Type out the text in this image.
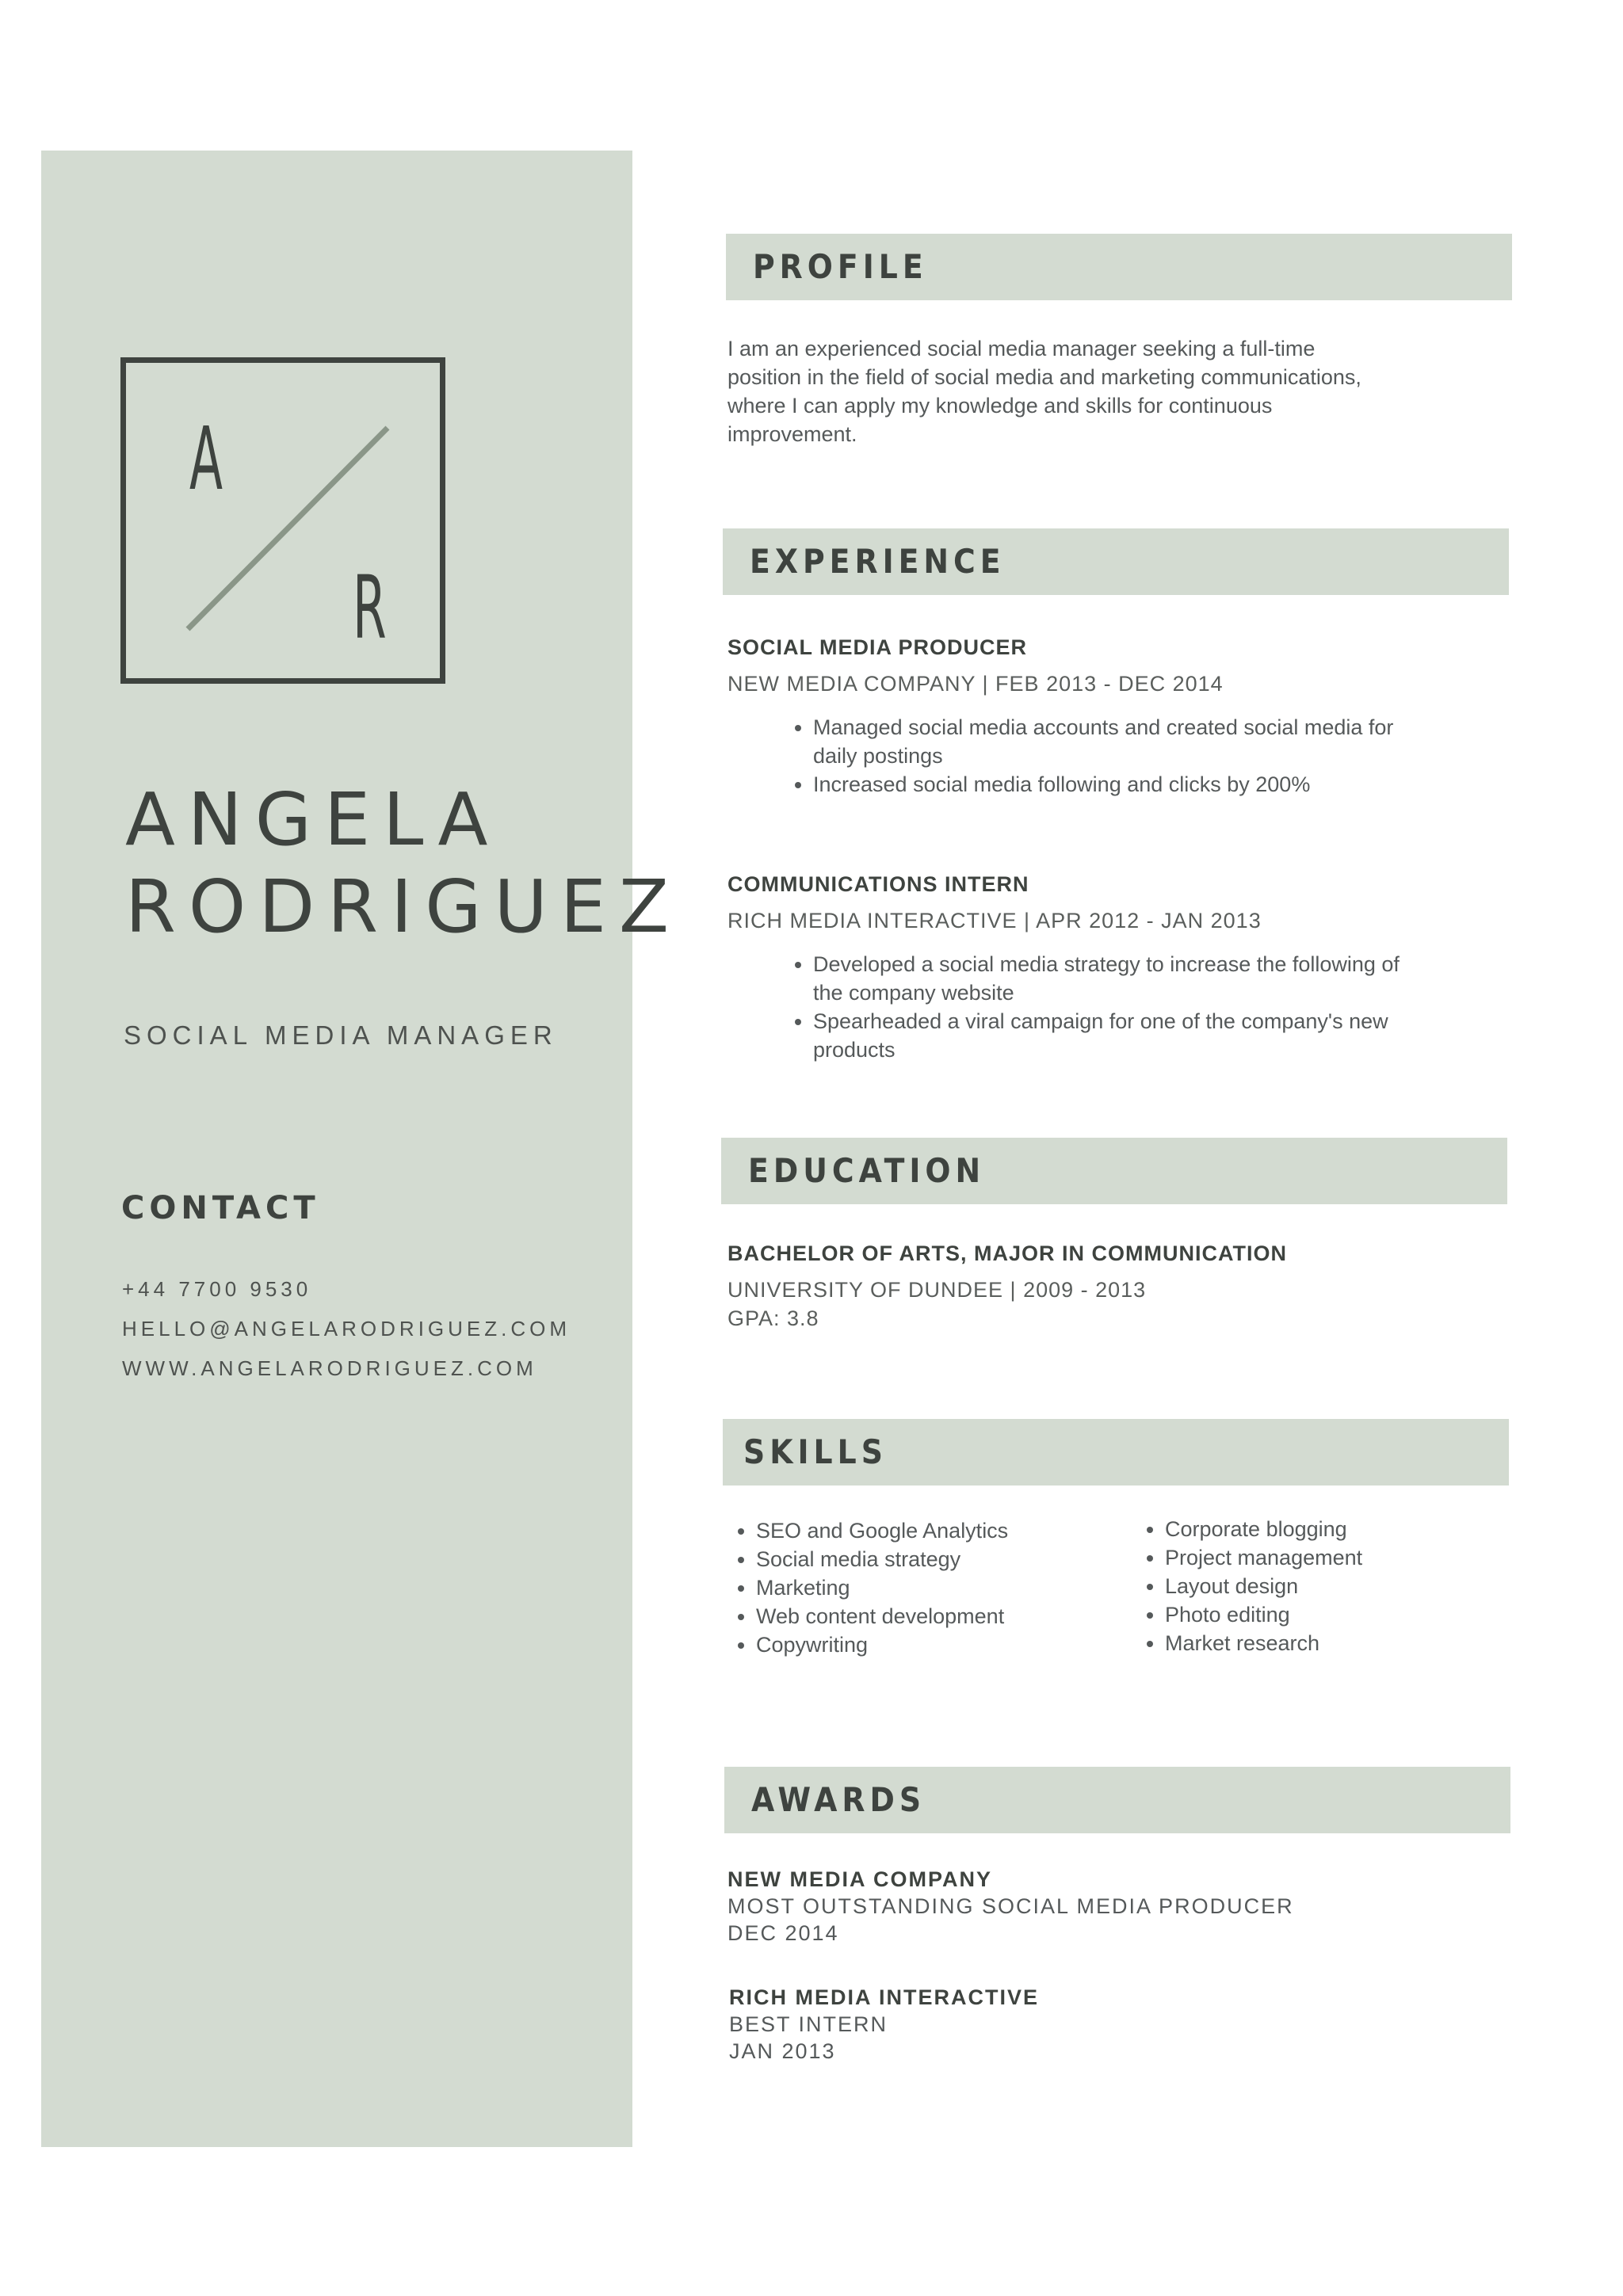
A
R
ANGELA
RODRIGUEZ
SOCIAL MEDIA MANAGER
CONTACT
+44 7700 9530
HELLO@ANGELARODRIGUEZ.COM
WWW.ANGELARODRIGUEZ.COM
PROFILE
I am an experienced social media manager seeking a full-time
position in the field of social media and marketing communications,
where I can apply my knowledge and skills for continuous
improvement.
EXPERIENCE
SOCIAL MEDIA PRODUCER
NEW MEDIA COMPANY | FEB 2013 - DEC 2014
• Managed social media accounts and created social media for
daily postings
• Increased social media following and clicks by 200%
COMMUNICATIONS INTERN
RICH MEDIA INTERACTIVE | APR 2012 - JAN 2013
• Developed a social media strategy to increase the following of
the company website
• Spearheaded a viral campaign for one of the company's new
products
EDUCATION
BACHELOR OF ARTS, MAJOR IN COMMUNICATION
UNIVERSITY OF DUNDEE | 2009 - 2013
GPA: 3.8
SKILLS
• SEO and Google Analytics
• Social media strategy
• Marketing
• Web content development
• Copywriting
• Corporate blogging
• Project management
• Layout design
• Photo editing
• Market research
AWARDS
NEW MEDIA COMPANY
MOST OUTSTANDING SOCIAL MEDIA PRODUCER
DEC 2014
RICH MEDIA INTERACTIVE
BEST INTERN
JAN 2013
